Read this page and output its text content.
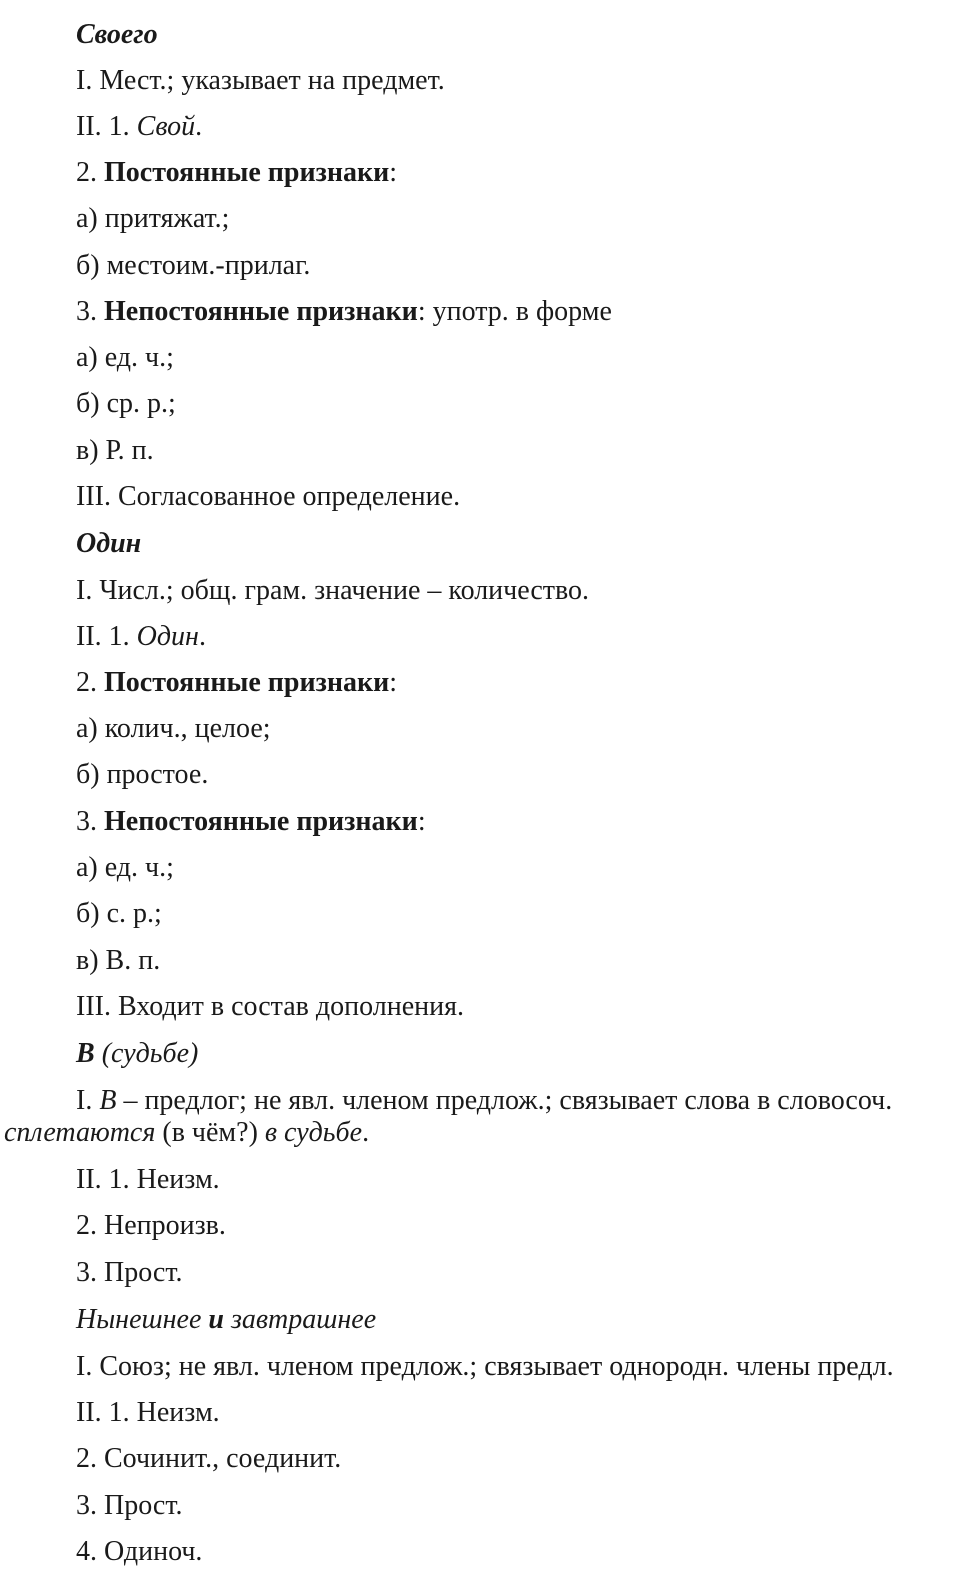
Своего
I. Мест.; указывает на предмет.
II. 1. Свой.
2. Постоянные признаки:
а) притяжат.;
б) местоим.-прилаг.
3. Непостоянные признаки: употр. в форме
а) ед. ч.;
б) ср. р.;
в) Р. п.
III. Согласованное определение.
Один
I. Числ.; общ. грам. значение – количество.
II. 1. Один.
2. Постоянные признаки:
а) колич., целое;
б) простое.
3. Непостоянные признаки:
а) ед. ч.;
б) с. р.;
в) В. п.
III. Входит в состав дополнения.
В (судьбе)
I. В – предлог; не явл. членом предлож.; связывает слова в словосоч.
сплетаются (в чём?) в судьбе.
II. 1. Неизм.
2. Непроизв.
3. Прост.
Нынешнее и завтрашнее
I. Союз; не явл. членом предлож.; связывает однородн. члены предл.
II. 1. Неизм.
2. Сочинит., соединит.
3. Прост.
4. Одиноч.
